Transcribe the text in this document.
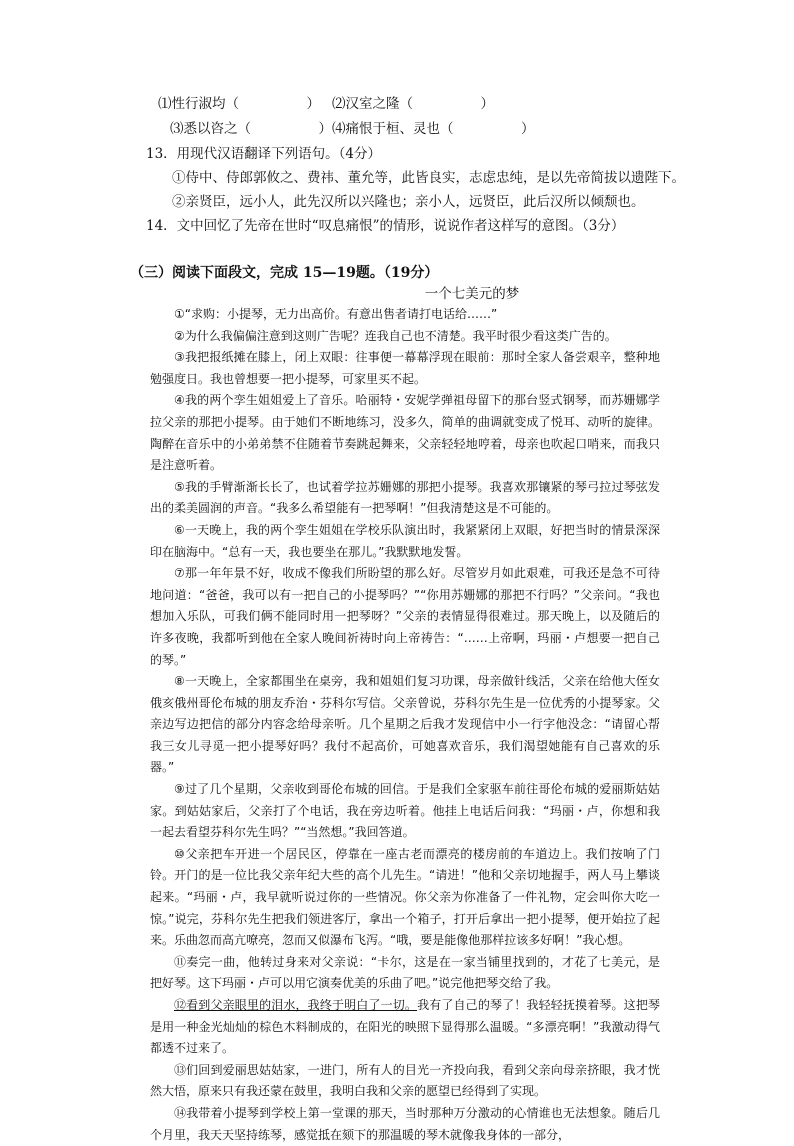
⑴性行淑均（　　　　　） ⑵汉室之隆（　　　　　）
⑶悉以咨之（　　　　　）⑷痛恨于桓、灵也（　　　　　）
13．用现代汉语翻译下列语句。（4分）
①侍中、侍郎郭攸之、费祎、董允等，此皆良实，志虑忠纯，是以先帝简拔以遗陛下。
②亲贤臣，远小人，此先汉所以兴隆也；亲小人，远贤臣，此后汉所以倾颓也。
14．文中回忆了先帝在世时“叹息痛恨”的情形，说说作者这样写的意图。（3分）
（三）阅读下面段文，完成 15—19题。（19分）
一个七美元的梦

①“求购：小提琴，无力出高价。有意出售者请打电话给……”

②为什么我偏偏注意到这则广告呢？连我自己也不清楚。我平时很少看这类广告的。

③我把报纸摊在膝上，闭上双眼：往事便一幕幕浮现在眼前：那时全家人备尝艰辛，整种地勉强度日。我也曾想要一把小提琴，可家里买不起。

④我的两个孪生姐姐爱上了音乐。哈丽特・安妮学弹祖母留下的那台竖式钢琴，而苏姗娜学拉父亲的那把小提琴。由于她们不断地练习，没多久，简单的曲调就变成了悦耳、动听的旋律。陶醉在音乐中的小弟弟禁不住随着节奏跳起舞来，父亲轻轻地哼着，母亲也吹起口哨来，而我只是注意听着。

⑤我的手臂渐渐长长了，也试着学拉苏姗娜的那把小提琴。我喜欢那镶紧的琴弓拉过琴弦发出的柔美圆润的声音。“我多么希望能有一把琴啊！”但我清楚这是不可能的。

⑥一天晚上，我的两个孪生姐姐在学校乐队演出时，我紧紧闭上双眼，好把当时的情景深深印在脑海中。“总有一天，我也要坐在那儿。”我默默地发誓。

⑦那一年年景不好，收成不像我们所盼望的那么好。尽管岁月如此艰难，可我还是急不可待地问道：“爸爸，我可以有一把自己的小提琴吗？”“你用苏姗娜的那把不行吗？”父亲问。“我也想加入乐队，可我们俩不能同时用一把琴呀？”父亲的表情显得很难过。那天晚上，以及随后的许多夜晚，我都听到他在全家人晚间祈祷时向上帝祷告：“……上帝啊，玛丽・卢想要一把自己的琴。”

⑧一天晚上，全家都围坐在桌旁，我和姐姐们复习功课，母亲做针线活，父亲在给他大侄女俄亥俄州哥伦布城的朋友乔治・芬科尔写信。父亲曾说，芬科尔先生是一位优秀的小提琴家。父亲边写边把信的部分内容念给母亲听。几个星期之后我才发现信中小一行字他没念：“请留心帮我三女儿寻觅一把小提琴好吗？我付不起高价，可她喜欢音乐，我们渴望她能有自己喜欢的乐器。”

⑨过了几个星期，父亲收到哥伦布城的回信。于是我们全家驱车前往哥伦布城的爱丽斯姑姑家。到姑姑家后，父亲打了个电话，我在旁边听着。他挂上电话后问我：“玛丽・卢，你想和我一起去看望芬科尔先生吗？”“当然想。”我回答道。

⑩父亲把车开进一个居民区，停靠在一座古老而漂亮的楼房前的车道边上。我们按响了门铃。开门的是一位比我父亲年纪大些的高个儿先生。“请进！”他和父亲切地握手，两人马上攀谈起来。“玛丽・卢，我早就听说过你的一些情况。你父亲为你准备了一件礼物，定会叫你大吃一惊。”说完，芬科尔先生把我们领进客厅，拿出一个箱子，打开后拿出一把小提琴，便开始拉了起来。乐曲忽而高亢嘹亮，忽而又似瀑布飞泻。“哦，要是能像他那样拉该多好啊！”我心想。

⑪奏完一曲，他转过身来对父亲说：“卡尔，这是在一家当铺里找到的，才花了七美元，是把好琴。这下玛丽・卢可以用它演奏优美的乐曲了吧。”说完他把琴交给了我。

⑫看到父亲眼里的泪水，我终于明白了一切。我有了自己的琴了！我轻轻抚摸着琴。这把琴是用一种金光灿灿的棕色木料制成的，在阳光的映照下显得那么温暖。“多漂亮啊！”我激动得气都透不过来了。

⑬们回到爱丽思姑姑家，一进门，所有人的目光一齐投向我，看到父亲向母亲挤眼，我才恍然大悟，原来只有我还蒙在鼓里，我明白我和父亲的愿望已经得到了实现。

⑭我带着小提琴到学校上第一堂课的那天，当时那种万分激动的心情谁也无法想象。随后几个月里，我天天坚持练琴，感觉抵在颏下的那温暖的琴木就像我身体的一部分，
